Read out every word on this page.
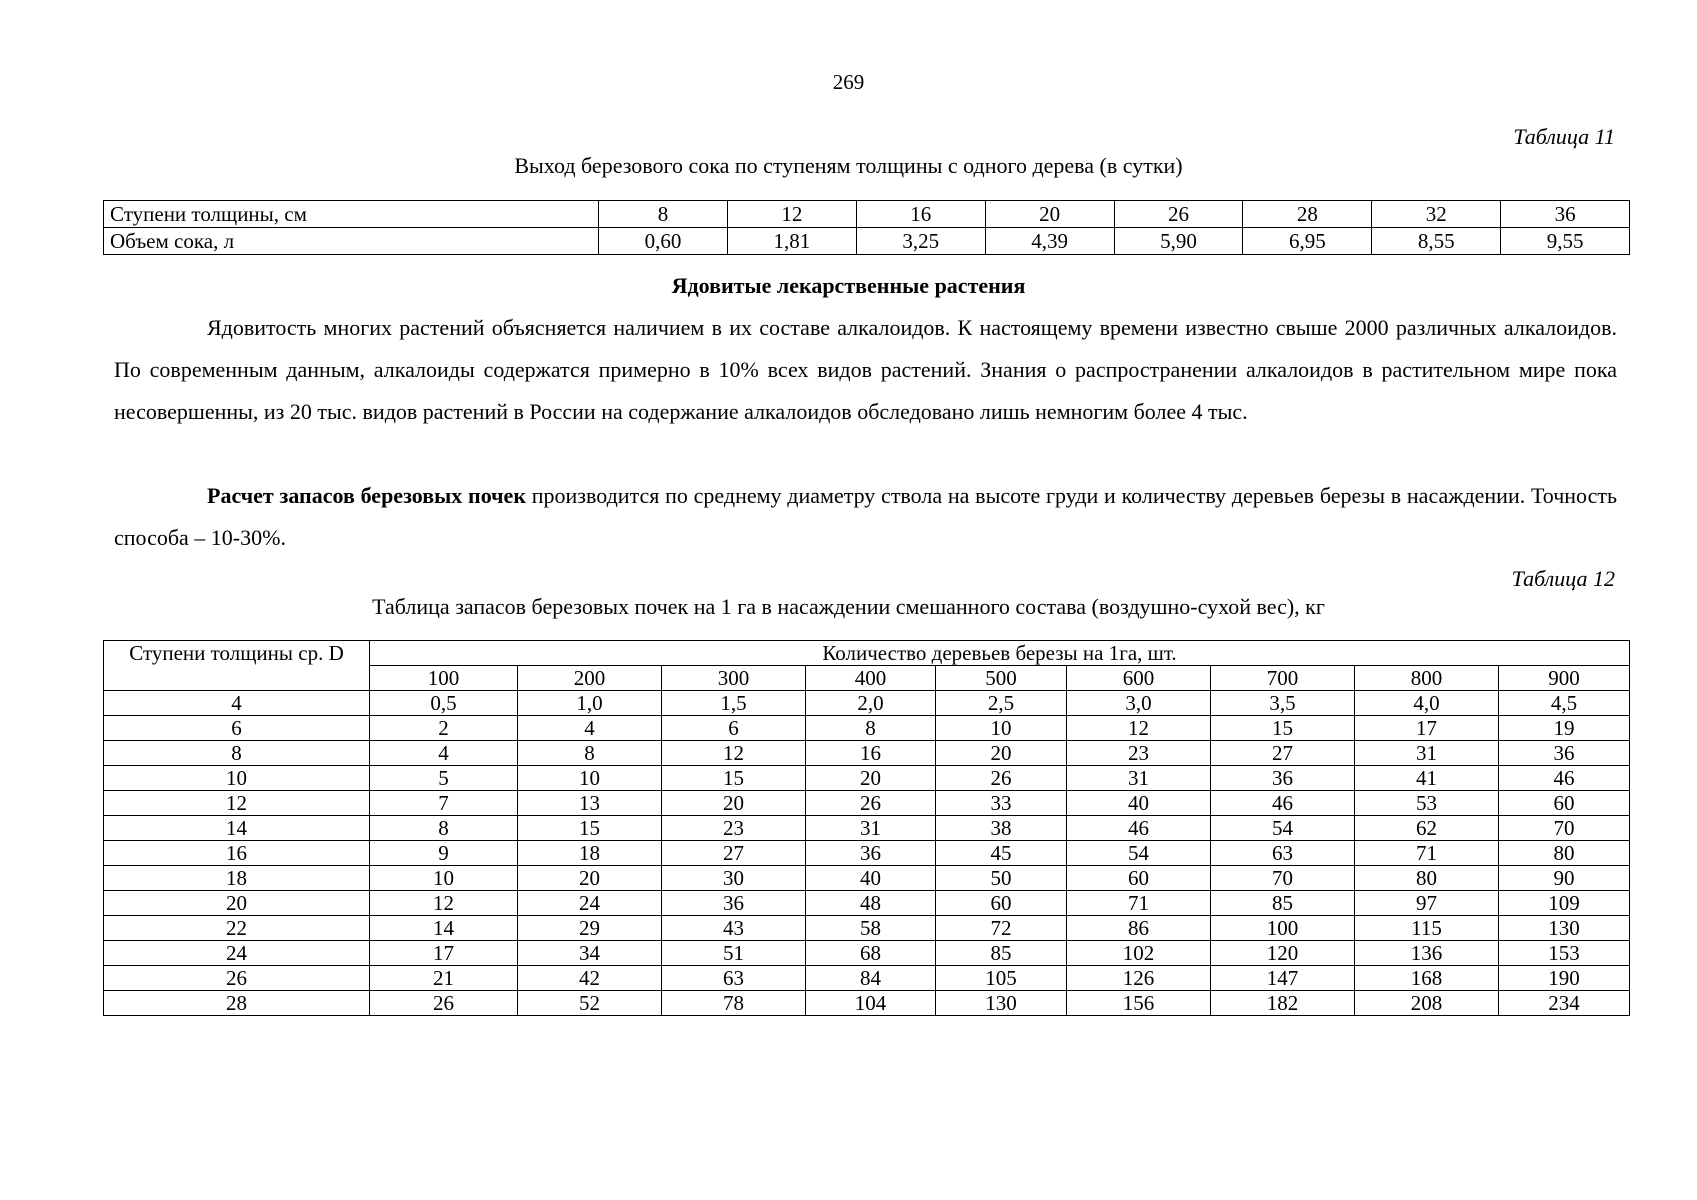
269
Таблица 11
Выход березового сока по ступеням толщины с одного дерева (в сутки)
Ступени толщины, см	8	12	16	20	26	28	32	36
Объем сока, л	0,60	1,81	3,25	4,39	5,90	6,95	8,55	9,55
Ядовитые лекарственные растения
Ядовитость многих растений объясняется наличием в их составе алкалоидов. К настоящему времени известно свыше 2000 различных алкалоидов. По современным данным, алкалоиды содержатся примерно в 10% всех видов растений. Знания о распространении алкалоидов в растительном мире пока несовершенны, из 20 тыс. видов растений в России на содержание алкалоидов обследовано лишь немногим более 4 тыс.
Расчет запасов березовых почек производится по среднему диаметру ствола на высоте груди и количеству деревьев березы в насаждении. Точность способа – 10-30%.
Таблица 12
Таблица запасов березовых почек на 1 га в насаждении смешанного состава (воздушно-сухой вес), кг
Ступени толщины ср. D	Количество деревьев березы на 1га, шт.								
	100	200	300	400	500	600	700	800	900
4	0,5	1,0	1,5	2,0	2,5	3,0	3,5	4,0	4,5
6	2	4	6	8	10	12	15	17	19
8	4	8	12	16	20	23	27	31	36
10	5	10	15	20	26	31	36	41	46
12	7	13	20	26	33	40	46	53	60
14	8	15	23	31	38	46	54	62	70
16	9	18	27	36	45	54	63	71	80
18	10	20	30	40	50	60	70	80	90
20	12	24	36	48	60	71	85	97	109
22	14	29	43	58	72	86	100	115	130
24	17	34	51	68	85	102	120	136	153
26	21	42	63	84	105	126	147	168	190
28	26	52	78	104	130	156	182	208	234
